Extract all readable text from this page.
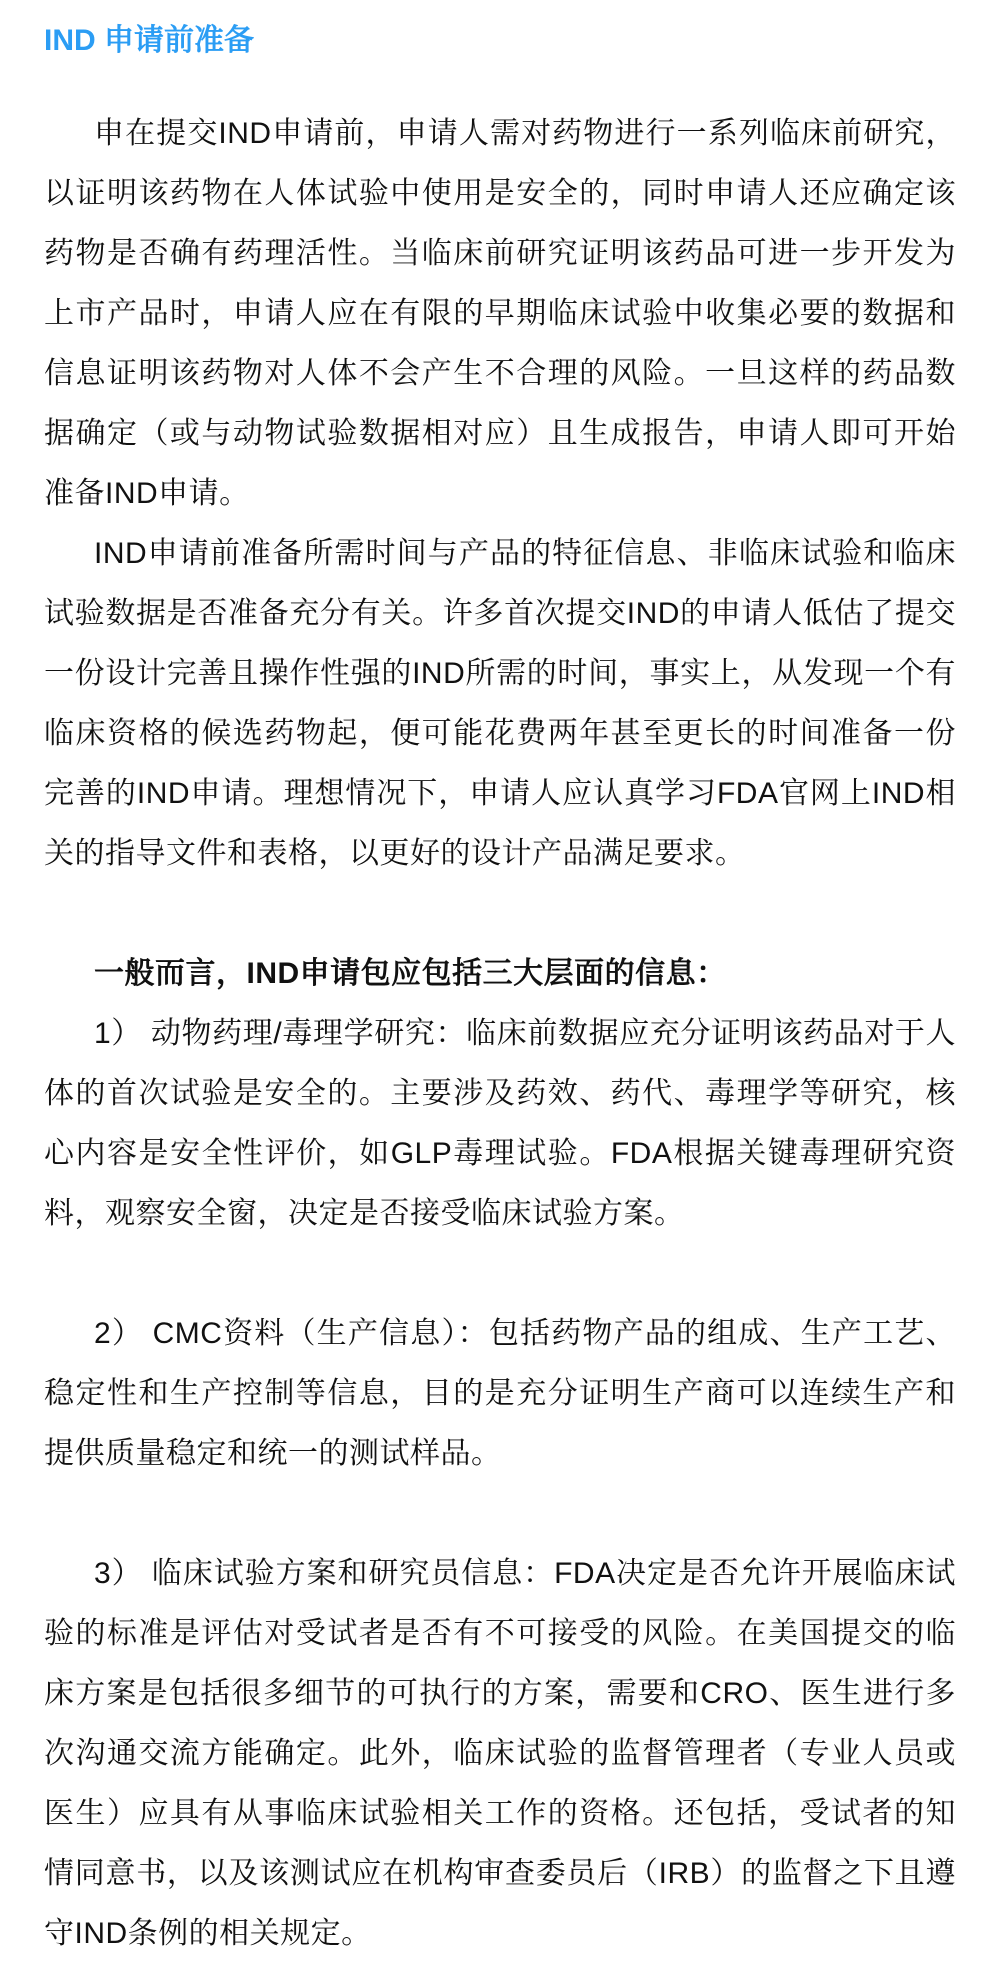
IND 申请前准备

申在提交IND申请前，申请人需对药物进行一系列临床前研究，以证明该药物在人体试验中使用是安全的，同时申请人还应确定该药物是否确有药理活性。当临床前研究证明该药品可进一步开发为上市产品时，申请人应在有限的早期临床试验中收集必要的数据和信息证明该药物对人体不会产生不合理的风险。一旦这样的药品数据确定（或与动物试验数据相对应）且生成报告，申请人即可开始准备IND申请。

IND申请前准备所需时间与产品的特征信息、非临床试验和临床试验数据是否准备充分有关。许多首次提交IND的申请人低估了提交一份设计完善且操作性强的IND所需的时间，事实上，从发现一个有临床资格的候选药物起，便可能花费两年甚至更长的时间准备一份完善的IND申请。理想情况下，申请人应认真学习FDA官网上IND相关的指导文件和表格，以更好的设计产品满足要求。

一般而言，IND申请包应包括三大层面的信息：

1） 动物药理/毒理学研究：临床前数据应充分证明该药品对于人体的首次试验是安全的。主要涉及药效、药代、毒理学等研究，核心内容是安全性评价，如GLP毒理试验。FDA根据关键毒理研究资料，观察安全窗，决定是否接受临床试验方案。

2） CMC资料（生产信息）：包括药物产品的组成、生产工艺、稳定性和生产控制等信息，目的是充分证明生产商可以连续生产和提供质量稳定和统一的测试样品。

3） 临床试验方案和研究员信息：FDA决定是否允许开展临床试验的标准是评估对受试者是否有不可接受的风险。在美国提交的临床方案是包括很多细节的可执行的方案，需要和CRO、医生进行多次沟通交流方能确定。此外，临床试验的监督管理者（专业人员或医生）应具有从事临床试验相关工作的资格。还包括，受试者的知情同意书，以及该测试应在机构审查委员后（IRB）的监督之下且遵守IND条例的相关规定。
